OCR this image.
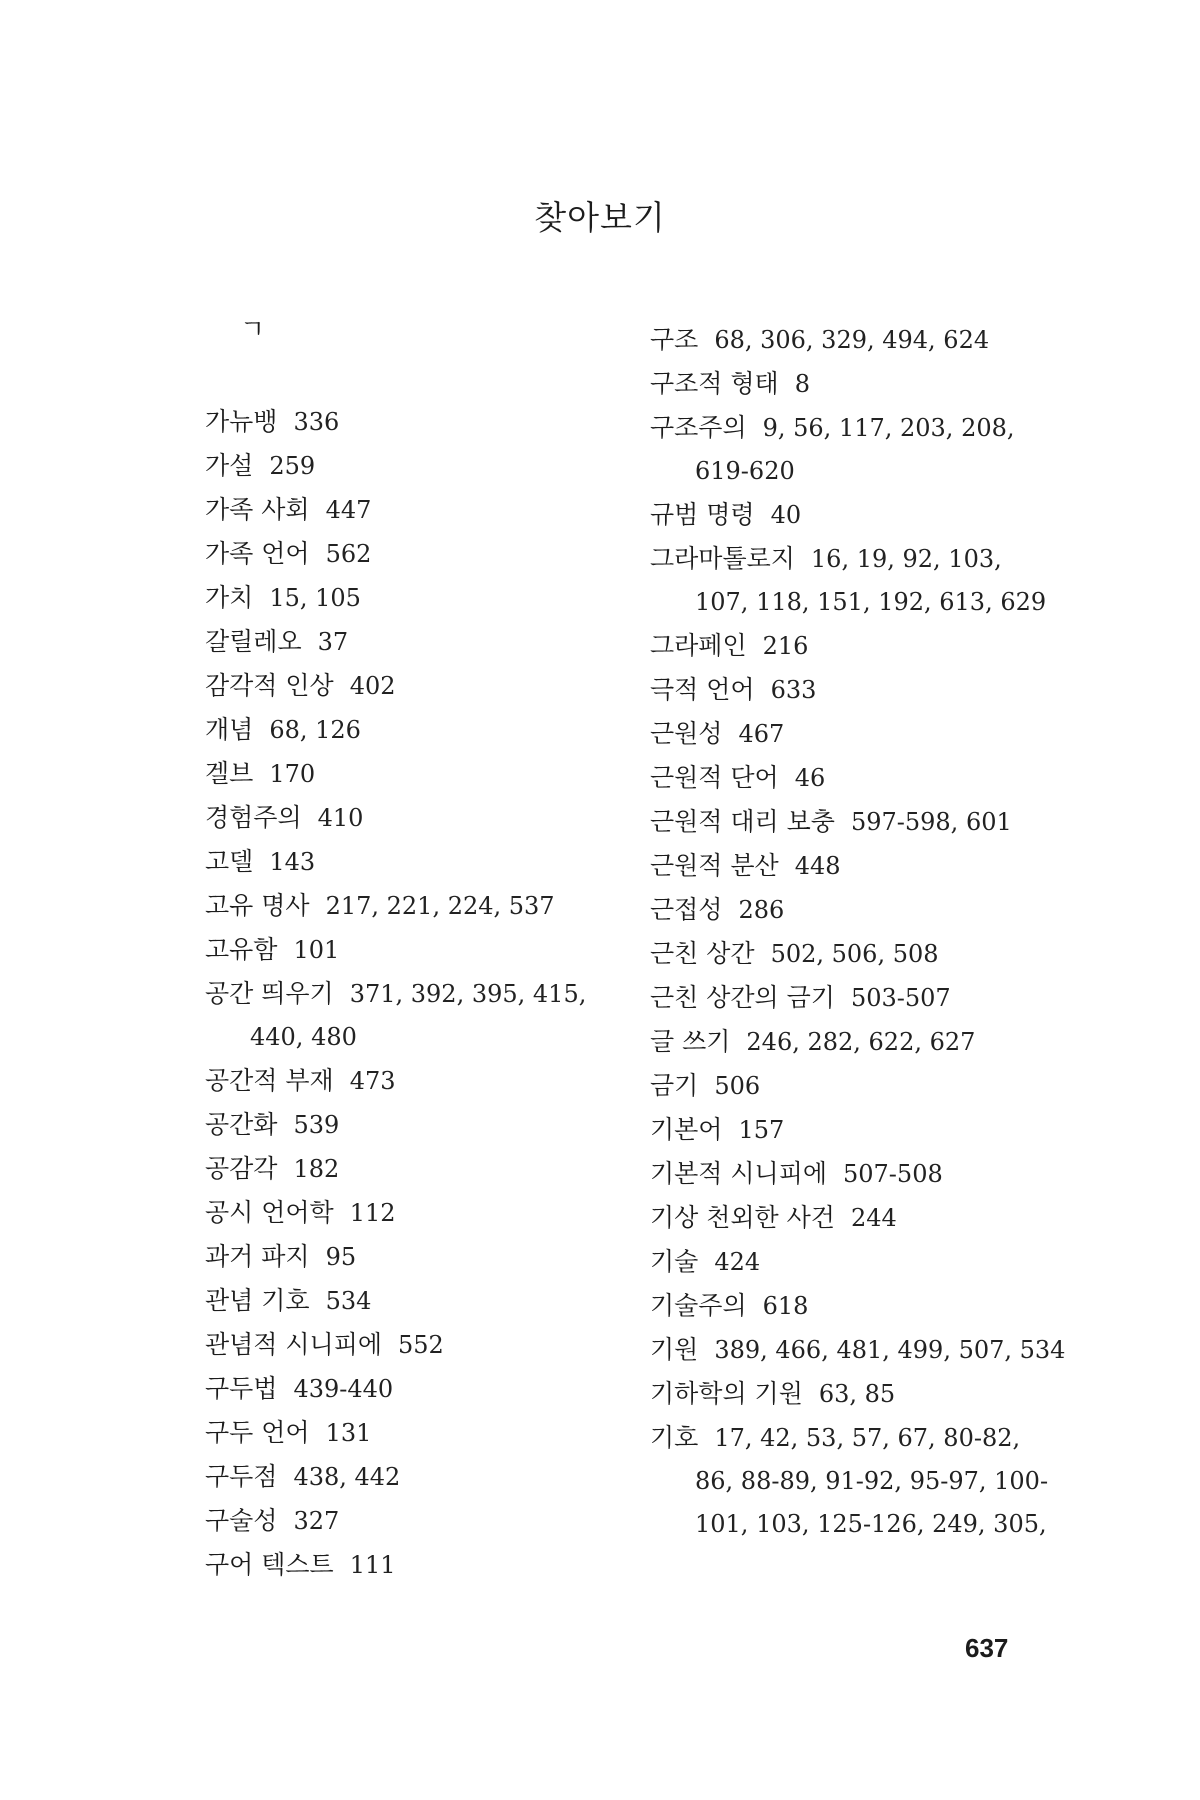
찾아보기
ㄱ
가뉴뱅 336
가설 259
가족 사회 447
가족 언어 562
가치 15, 105
갈릴레오 37
감각적 인상 402
개념 68, 126
겔브 170
경험주의 410
고델 143
고유 명사 217, 221, 224, 537
고유함 101
공간 띄우기 371, 392, 395, 415,
440, 480
공간적 부재 473
공간화 539
공감각 182
공시 언어학 112
과거 파지 95
관념 기호 534
관념적 시니피에 552
구두법 439-440
구두 언어 131
구두점 438, 442
구술성 327
구어 텍스트 111
구조 68, 306, 329, 494, 624
구조적 형태 8
구조주의 9, 56, 117, 203, 208,
619-620
규범 명령 40
그라마톨로지 16, 19, 92, 103,
107, 118, 151, 192, 613, 629
그라페인 216
극적 언어 633
근원성 467
근원적 단어 46
근원적 대리 보충 597-598, 601
근원적 분산 448
근접성 286
근친 상간 502, 506, 508
근친 상간의 금기 503-507
글 쓰기 246, 282, 622, 627
금기 506
기본어 157
기본적 시니피에 507-508
기상 천외한 사건 244
기술 424
기술주의 618
기원 389, 466, 481, 499, 507, 534
기하학의 기원 63, 85
기호 17, 42, 53, 57, 67, 80-82,
86, 88-89, 91-92, 95-97, 100-
101, 103, 125-126, 249, 305,
637
